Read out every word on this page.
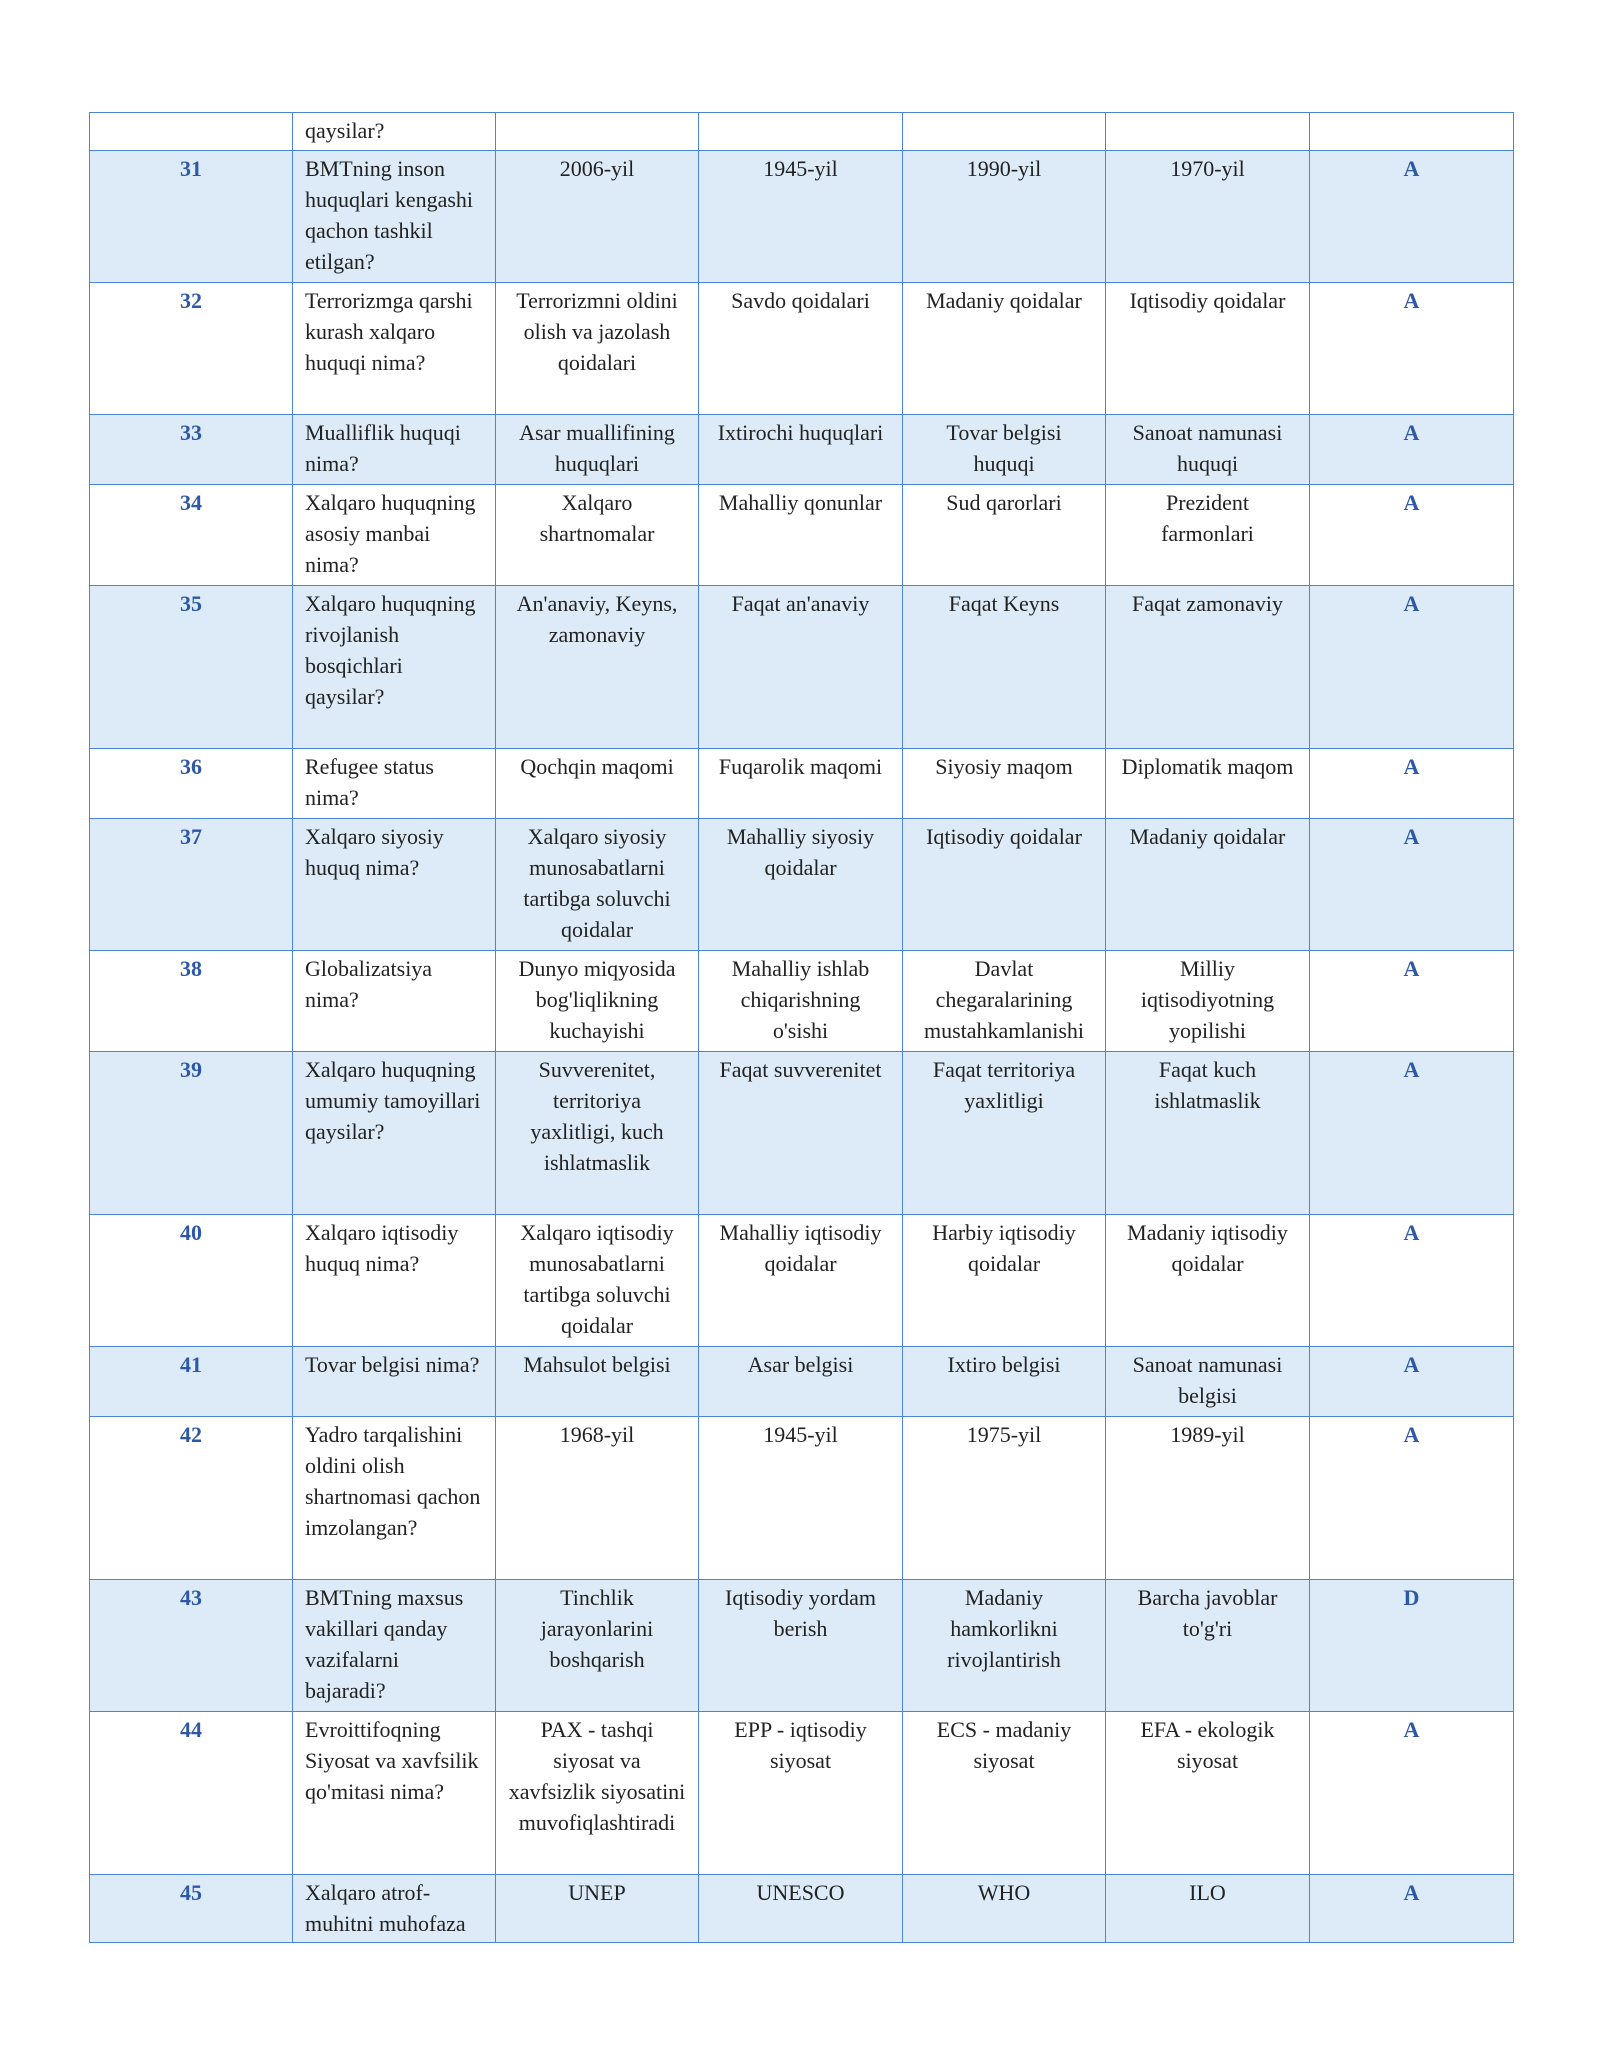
	qaysilar?					
31	BMTning inson huquqlari kengashi qachon tashkil etilgan?	2006-yil	1945-yil	1990-yil	1970-yil	A
32	Terrorizmga qarshi kurash xalqaro huquqi nima?	Terrorizmni oldini olish va jazolash qoidalari	Savdo qoidalari	Madaniy qoidalar	Iqtisodiy qoidalar	A
33	Mualliflik huquqi nima?	Asar muallifining huquqlari	Ixtirochi huquqlari	Tovar belgisi huquqi	Sanoat namunasi huquqi	A
34	Xalqaro huquqning asosiy manbai nima?	Xalqaro shartnomalar	Mahalliy qonunlar	Sud qarorlari	Prezident farmonlari	A
35	Xalqaro huquqning rivojlanish bosqichlari qaysilar?	An'anaviy, Keyns, zamonaviy	Faqat an'anaviy	Faqat Keyns	Faqat zamonaviy	A
36	Refugee status nima?	Qochqin maqomi	Fuqarolik maqomi	Siyosiy maqom	Diplomatik maqom	A
37	Xalqaro siyosiy huquq nima?	Xalqaro siyosiy munosabatlarni tartibga soluvchi qoidalar	Mahalliy siyosiy qoidalar	Iqtisodiy qoidalar	Madaniy qoidalar	A
38	Globalizatsiya nima?	Dunyo miqyosida bog'liqlikning kuchayishi	Mahalliy ishlab chiqarishning o'sishi	Davlat chegaralarining mustahkamlanishi	Milliy iqtisodiyotning yopilishi	A
39	Xalqaro huquqning umumiy tamoyillari qaysilar?	Suvverenitet, territoriya yaxlitligi, kuch ishlatmaslik	Faqat suvverenitet	Faqat territoriya yaxlitligi	Faqat kuch ishlatmaslik	A
40	Xalqaro iqtisodiy huquq nima?	Xalqaro iqtisodiy munosabatlarni tartibga soluvchi qoidalar	Mahalliy iqtisodiy qoidalar	Harbiy iqtisodiy qoidalar	Madaniy iqtisodiy qoidalar	A
41	Tovar belgisi nima?	Mahsulot belgisi	Asar belgisi	Ixtiro belgisi	Sanoat namunasi belgisi	A
42	Yadro tarqalishini oldini olish shartnomasi qachon imzolangan?	1968-yil	1945-yil	1975-yil	1989-yil	A
43	BMTning maxsus vakillari qanday vazifalarni bajaradi?	Tinchlik jarayonlarini boshqarish	Iqtisodiy yordam berish	Madaniy hamkorlikni rivojlantirish	Barcha javoblar to'g'ri	D
44	Evroittifoqning Siyosat va xavfsilik qo'mitasi nima?	PAX - tashqi siyosat va xavfsizlik siyosatini muvofiqlashtiradi	EPP - iqtisodiy siyosat	ECS - madaniy siyosat	EFA - ekologik siyosat	A
45	Xalqaro atrof-muhitni muhofaza	UNEP	UNESCO	WHO	ILO	A
